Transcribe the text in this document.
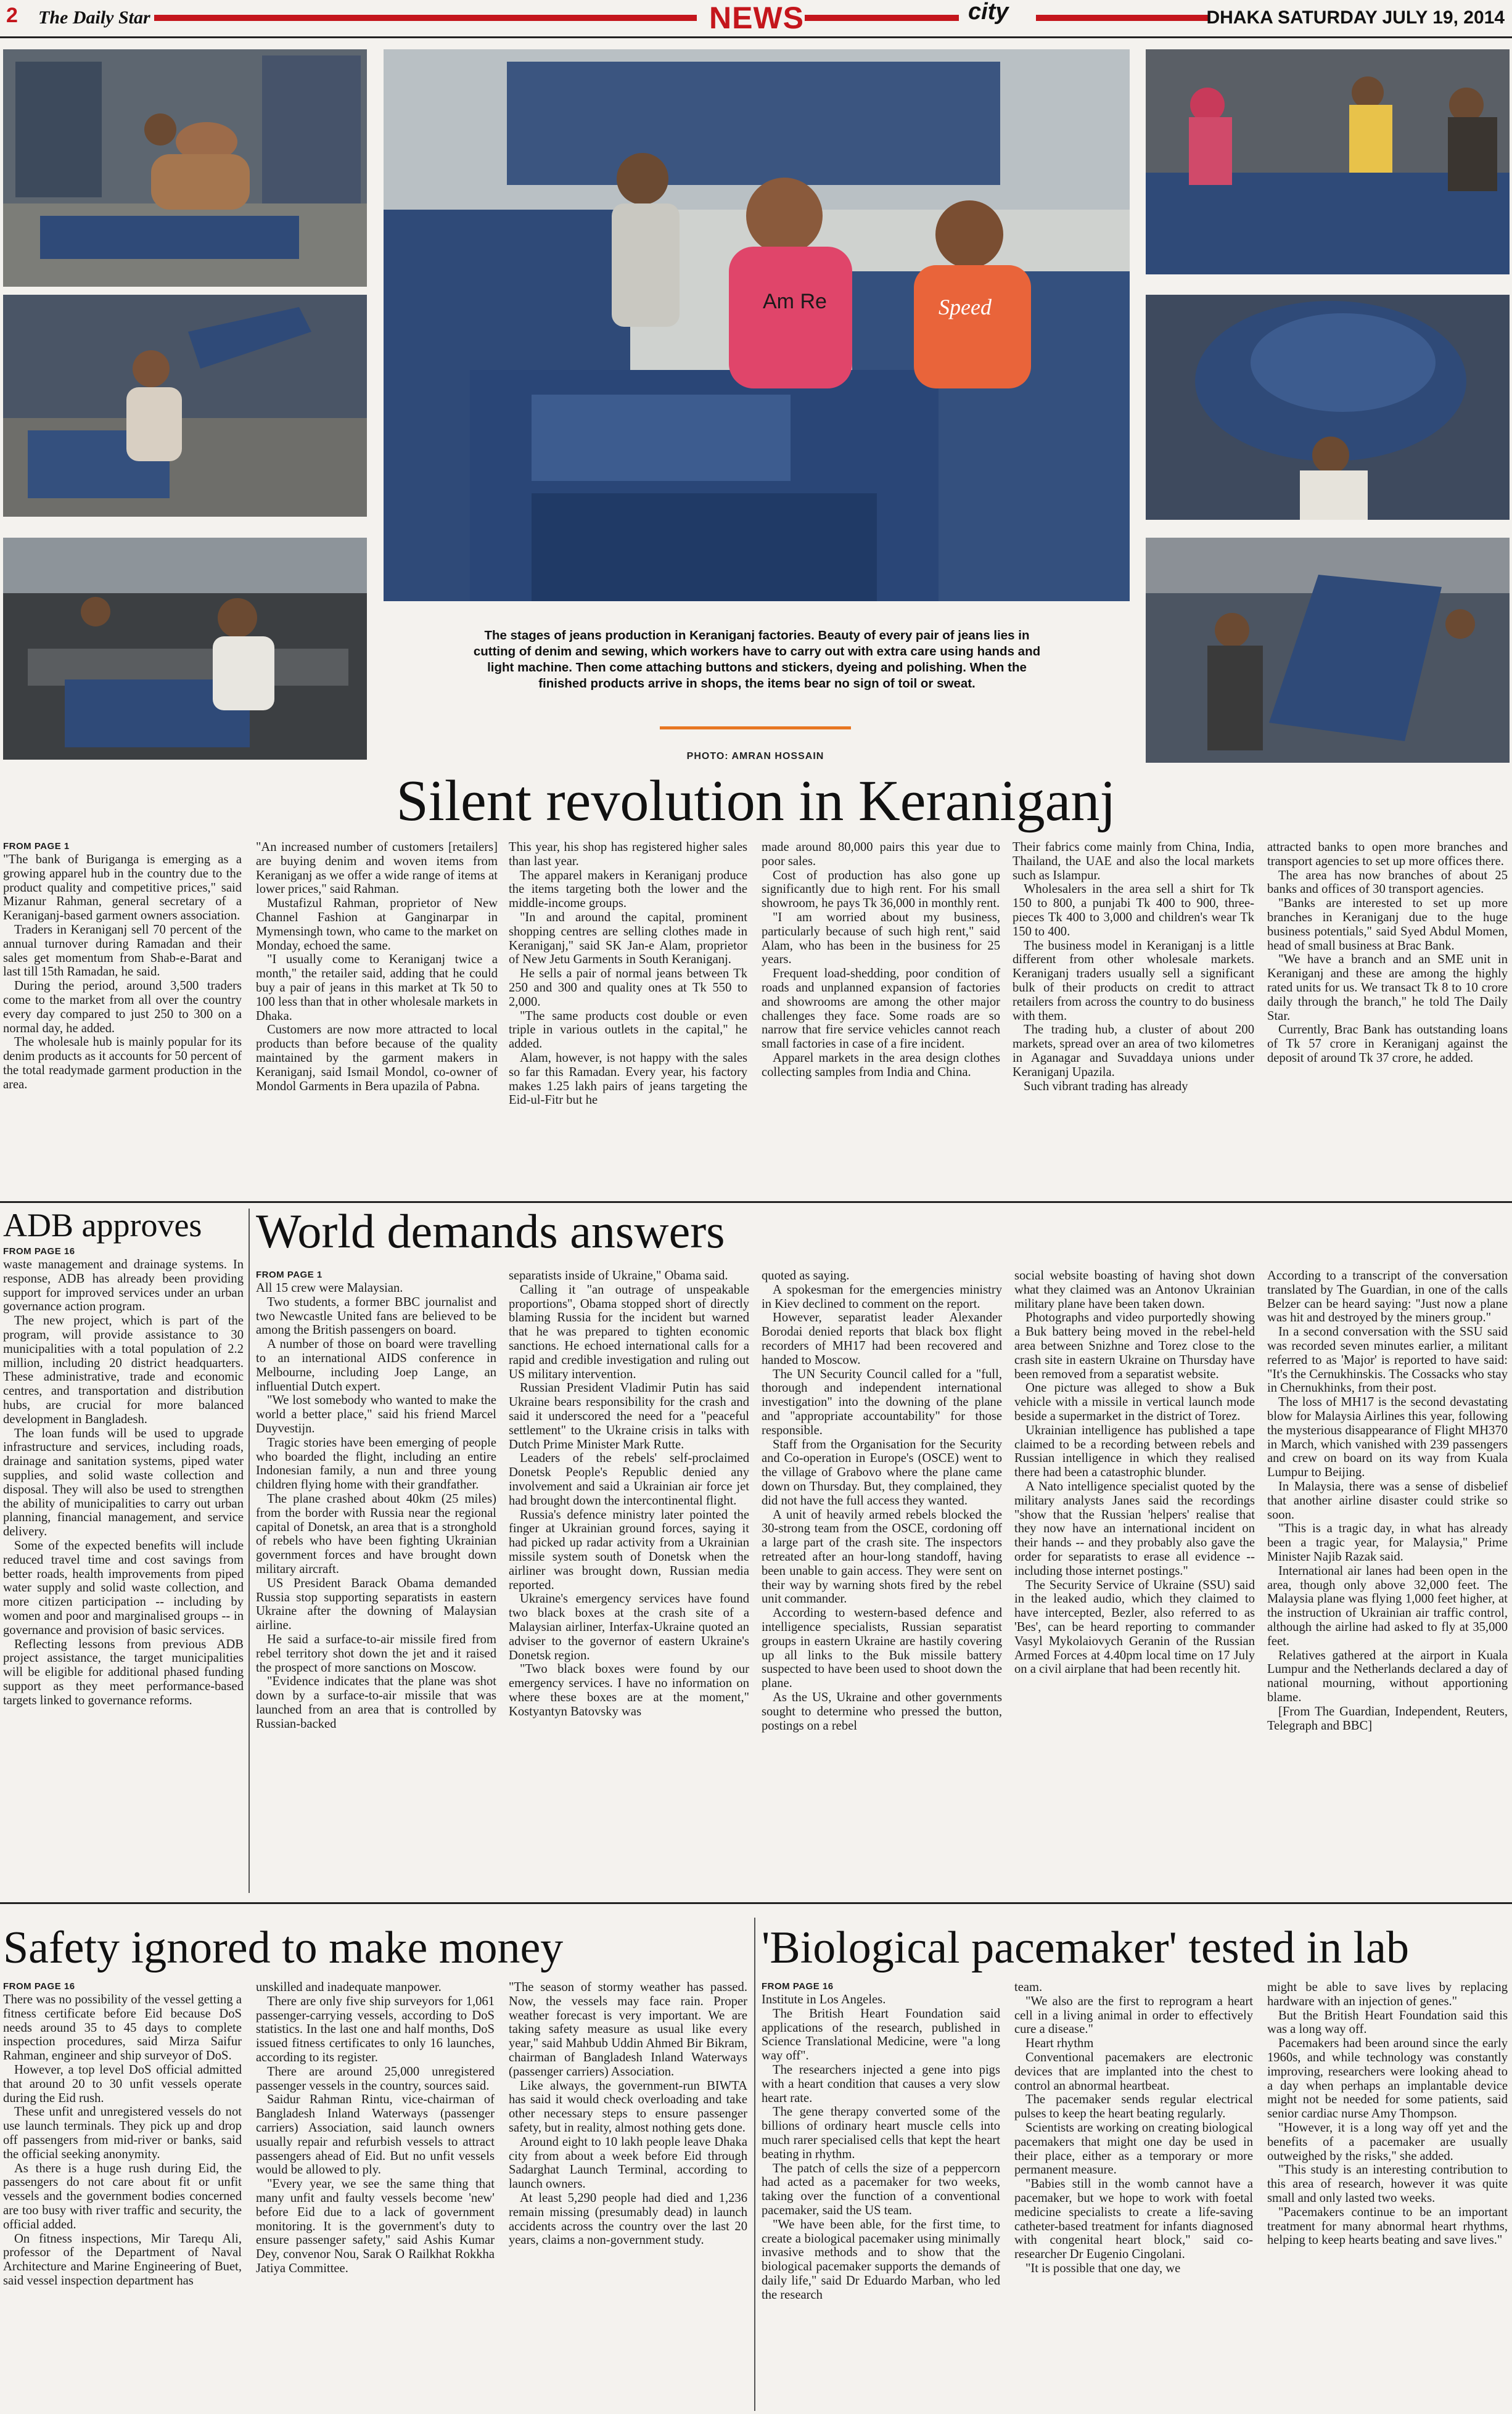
2 The Daily Star	NEWS	city	DHAKA SATURDAY JULY 19, 2014
Am Re	Speed
The stages of jeans production in Keraniganj factories. Beauty of every pair of jeans lies in cutting of denim and sewing, which workers have to carry out with extra care using hands and light machine. Then come attaching buttons and stickers, dyeing and polishing. When the finished products arrive in shops, the items bear no sign of toil or sweat.
PHOTO: AMRAN HOSSAIN
Silent revolution in Keraniganj
FROM PAGE 1

"The bank of Buriganga is emerging as a growing apparel hub in the country due to the product quality and competitive prices," said Mizanur Rahman, general secretary of a Keraniganj-based garment owners association.

Traders in Keraniganj sell 70 percent of the annual turnover during Ramadan and their sales get momentum from Shab-e-Barat and last till 15th Ramadan, he said.

During the period, around 3,500 traders come to the market from all over the country every day compared to just 250 to 300 on a normal day, he added.

The wholesale hub is mainly popular for its denim products as it accounts for 50 percent of the total readymade garment production in the area.

"An increased number of customers [retailers] are buying denim and woven items from Keraniganj as we offer a wide range of items at lower prices," said Rahman.

Mustafizul Rahman, proprietor of New Channel Fashion at Ganginarpar in Mymensingh town, who came to the market on Monday, echoed the same.

"I usually come to Keraniganj twice a month," the retailer said, adding that he could buy a pair of jeans in this market at Tk 50 to 100 less than that in other wholesale markets in Dhaka.

Customers are now more attracted to local products than before because of the quality maintained by the garment makers in Keraniganj, said Ismail Mondol, co-owner of Mondol Garments in Bera upazila of Pabna.

This year, his shop has registered higher sales than last year.

The apparel makers in Keraniganj produce the items targeting both the lower and the middle-income groups.

"In and around the capital, prominent shopping centres are selling clothes made in Keraniganj," said SK Jan-e Alam, proprietor of New Jetu Garments in South Keraniganj.

He sells a pair of normal jeans between Tk 250 and 300 and quality ones at Tk 550 to 2,000.

"The same products cost double or even triple in various outlets in the capital," he added.

Alam, however, is not happy with the sales so far this Ramadan. Every year, his factory makes 1.25 lakh pairs of jeans targeting the Eid-ul-Fitr but he

made around 80,000 pairs this year due to poor sales.

Cost of production has also gone up significantly due to high rent. For his small showroom, he pays Tk 36,000 in monthly rent.

"I am worried about my business, particularly because of such high rent," said Alam, who has been in the business for 25 years.

Frequent load-shedding, poor condition of roads and unplanned expansion of factories and showrooms are among the other major challenges they face. Some roads are so narrow that fire service vehicles cannot reach small factories in case of a fire incident.

Apparel markets in the area design clothes collecting samples from India and China.

Their fabrics come mainly from China, India, Thailand, the UAE and also the local markets such as Islampur.

Wholesalers in the area sell a shirt for Tk 150 to 800, a punjabi Tk 400 to 900, three-pieces Tk 400 to 3,000 and children's wear Tk 150 to 400.

The business model in Keraniganj is a little different from other wholesale markets. Keraniganj traders usually sell a significant bulk of their products on credit to attract retailers from across the country to do business with them.

The trading hub, a cluster of about 200 markets, spread over an area of two kilometres in Aganagar and Suvaddaya unions under Keraniganj Upazila.

Such vibrant trading has already

attracted banks to open more branches and transport agencies to set up more offices there.

The area has now branches of about 25 banks and offices of 30 transport agencies.

"Banks are interested to set up more branches in Keraniganj due to the huge business potentials," said Syed Abdul Momen, head of small business at Brac Bank.

"We have a branch and an SME unit in Keraniganj and these are among the highly rated units for us. We transact Tk 8 to 10 crore daily through the branch," he told The Daily Star.

Currently, Brac Bank has outstanding loans of Tk 57 crore in Keraniganj against the deposit of around Tk 37 crore, he added.

ADB approves
FROM PAGE 16

waste management and drainage systems. In response, ADB has already been providing support for improved services under an urban governance action program.

The new project, which is part of the program, will provide assistance to 30 municipalities with a total population of 2.2 million, including 20 district headquarters. These administrative, trade and economic centres, and transportation and distribution hubs, are crucial for more balanced development in Bangladesh.

The loan funds will be used to upgrade infrastructure and services, including roads, drainage and sanitation systems, piped water supplies, and solid waste collection and disposal. They will also be used to strengthen the ability of municipalities to carry out urban planning, financial management, and service delivery.

Some of the expected benefits will include reduced travel time and cost savings from better roads, health improvements from piped water supply and solid waste collection, and more citizen participation -- including by women and poor and marginalised groups -- in governance and provision of basic services.

Reflecting lessons from previous ADB project assistance, the target municipalities will be eligible for additional phased funding support as they meet performance-based targets linked to governance reforms.

World demands answers
FROM PAGE 1

All 15 crew were Malaysian.

Two students, a former BBC journalist and two Newcastle United fans are believed to be among the British passengers on board.

A number of those on board were travelling to an international AIDS conference in Melbourne, including Joep Lange, an influential Dutch expert.

"We lost somebody who wanted to make the world a better place," said his friend Marcel Duyvestijn.

Tragic stories have been emerging of people who boarded the flight, including an entire Indonesian family, a nun and three young children flying home with their grandfather.

The plane crashed about 40km (25 miles) from the border with Russia near the regional capital of Donetsk, an area that is a stronghold of rebels who have been fighting Ukrainian government forces and have brought down military aircraft.

US President Barack Obama demanded Russia stop supporting separatists in eastern Ukraine after the downing of Malaysian airline.

He said a surface-to-air missile fired from rebel territory shot down the jet and it raised the prospect of more sanctions on Moscow.

"Evidence indicates that the plane was shot down by a surface-to-air missile that was launched from an area that is controlled by Russian-backed

separatists inside of Ukraine," Obama said.

Calling it "an outrage of unspeakable proportions", Obama stopped short of directly blaming Russia for the incident but warned that he was prepared to tighten economic sanctions. He echoed international calls for a rapid and credible investigation and ruling out US military intervention.

Russian President Vladimir Putin has said Ukraine bears responsibility for the crash and said it underscored the need for a "peaceful settlement" to the Ukraine crisis in talks with Dutch Prime Minister Mark Rutte.

Leaders of the rebels' self-proclaimed Donetsk People's Republic denied any involvement and said a Ukrainian air force jet had brought down the intercontinental flight.

Russia's defence ministry later pointed the finger at Ukrainian ground forces, saying it had picked up radar activity from a Ukrainian missile system south of Donetsk when the airliner was brought down, Russian media reported.

Ukraine's emergency services have found two black boxes at the crash site of a Malaysian airliner, Interfax-Ukraine quoted an adviser to the governor of eastern Ukraine's Donetsk region.

"Two black boxes were found by our emergency services. I have no information on where these boxes are at the moment," Kostyantyn Batovsky was

quoted as saying.

A spokesman for the emergencies ministry in Kiev declined to comment on the report.

However, separatist leader Alexander Borodai denied reports that black box flight recorders of MH17 had been recovered and handed to Moscow.

The UN Security Council called for a "full, thorough and independent international investigation" into the downing of the plane and "appropriate accountability" for those responsible.

Staff from the Organisation for the Security and Co-operation in Europe's (OSCE) went to the village of Grabovo where the plane came down on Thursday. But, they complained, they did not have the full access they wanted.

A unit of heavily armed rebels blocked the 30-strong team from the OSCE, cordoning off a large part of the crash site. The inspectors retreated after an hour-long standoff, having been unable to gain access. They were sent on their way by warning shots fired by the rebel unit commander.

According to western-based defence and intelligence specialists, Russian separatist groups in eastern Ukraine are hastily covering up all links to the Buk missile battery suspected to have been used to shoot down the plane.

As the US, Ukraine and other governments sought to determine who pressed the button, postings on a rebel

social website boasting of having shot down what they claimed was an Antonov Ukrainian military plane have been taken down.

Photographs and video purportedly showing a Buk battery being moved in the rebel-held area between Snizhne and Torez close to the crash site in eastern Ukraine on Thursday have been removed from a separatist website.

One picture was alleged to show a Buk vehicle with a missile in vertical launch mode beside a supermarket in the district of Torez.

Ukrainian intelligence has published a tape claimed to be a recording between rebels and Russian intelligence in which they realised there had been a catastrophic blunder.

A Nato intelligence specialist quoted by the military analysts Janes said the recordings "show that the Russian 'helpers' realise that they now have an international incident on their hands -- and they probably also gave the order for separatists to erase all evidence -- including those internet postings."

The Security Service of Ukraine (SSU) said in the leaked audio, which they claimed to have intercepted, Bezler, also referred to as 'Bes', can be heard reporting to commander Vasyl Mykolaiovych Geranin of the Russian Armed Forces at 4.40pm local time on 17 July on a civil airplane that had been recently hit.

According to a transcript of the conversation translated by The Guardian, in one of the calls Belzer can be heard saying: "Just now a plane was hit and destroyed by the miners group."

In a second conversation with the SSU said was recorded seven minutes earlier, a militant referred to as 'Major' is reported to have said: "It's the Cernukhinskis. The Cossacks who stay in Chernukhinks, from their post.

The loss of MH17 is the second devastating blow for Malaysia Airlines this year, following the mysterious disappearance of Flight MH370 in March, which vanished with 239 passengers and crew on board on its way from Kuala Lumpur to Beijing.

In Malaysia, there was a sense of disbelief that another airline disaster could strike so soon.

"This is a tragic day, in what has already been a tragic year, for Malaysia," Prime Minister Najib Razak said.

International air lanes had been open in the area, though only above 32,000 feet. The Malaysia plane was flying 1,000 feet higher, at the instruction of Ukrainian air traffic control, although the airline had asked to fly at 35,000 feet.

Relatives gathered at the airport in Kuala Lumpur and the Netherlands declared a day of national mourning, without apportioning blame.

[From The Guardian, Independent, Reuters, Telegraph and BBC]

Safety ignored to make money
FROM PAGE 16

There was no possibility of the vessel getting a fitness certificate before Eid because DoS needs around 35 to 45 days to complete inspection procedures, said Mirza Saifur Rahman, engineer and ship surveyor of DoS.

However, a top level DoS official admitted that around 20 to 30 unfit vessels operate during the Eid rush.

These unfit and unregistered vessels do not use launch terminals. They pick up and drop off passengers from mid-river or banks, said the official seeking anonymity.

As there is a huge rush during Eid, the passengers do not care about fit or unfit vessels and the government bodies concerned are too busy with river traffic and security, the official added.

On fitness inspections, Mir Tarequ Ali, professor of the Department of Naval Architecture and Marine Engineering of Buet, said vessel inspection department has

unskilled and inadequate manpower.

There are only five ship surveyors for 1,061 passenger-carrying vessels, according to DoS statistics. In the last one and half months, DoS issued fitness certificates to only 16 launches, according to its register.

There are around 25,000 unregistered passenger vessels in the country, sources said.

Saidur Rahman Rintu, vice-chairman of Bangladesh Inland Waterways (passenger carriers) Association, said launch owners usually repair and refurbish vessels to attract passengers ahead of Eid. But no unfit vessels would be allowed to ply.

"Every year, we see the same thing that many unfit and faulty vessels become 'new' before Eid due to a lack of government monitoring. It is the government's duty to ensure passenger safety," said Ashis Kumar Dey, convenor Nou, Sarak O Railkhat Rokkha Jatiya Committee.

"The season of stormy weather has passed. Now, the vessels may face rain. Proper weather forecast is very important. We are taking safety measure as usual like every year," said Mahbub Uddin Ahmed Bir Bikram, chairman of Bangladesh Inland Waterways (passenger carriers) Association.

Like always, the government-run BIWTA has said it would check overloading and take other necessary steps to ensure passenger safety, but in reality, almost nothing gets done.

Around eight to 10 lakh people leave Dhaka city from about a week before Eid through Sadarghat Launch Terminal, according to launch owners.

At least 5,290 people had died and 1,236 remain missing (presumably dead) in launch accidents across the country over the last 20 years, claims a non-government study.

'Biological pacemaker' tested in lab
FROM PAGE 16

Institute in Los Angeles.

The British Heart Foundation said applications of the research, published in Science Translational Medicine, were "a long way off".

The researchers injected a gene into pigs with a heart condition that causes a very slow heart rate.

The gene therapy converted some of the billions of ordinary heart muscle cells into much rarer specialised cells that kept the heart beating in rhythm.

The patch of cells the size of a peppercorn had acted as a pacemaker for two weeks, taking over the function of a conventional pacemaker, said the US team.

"We have been able, for the first time, to create a biological pacemaker using minimally invasive methods and to show that the biological pacemaker supports the demands of daily life," said Dr Eduardo Marban, who led the research

team.

"We also are the first to reprogram a heart cell in a living animal in order to effectively cure a disease."

Heart rhythm

Conventional pacemakers are electronic devices that are implanted into the chest to control an abnormal heartbeat.

The pacemaker sends regular electrical pulses to keep the heart beating regularly.

Scientists are working on creating biological pacemakers that might one day be used in their place, either as a temporary or more permanent measure.

"Babies still in the womb cannot have a pacemaker, but we hope to work with foetal medicine specialists to create a life-saving catheter-based treatment for infants diagnosed with congenital heart block," said co-researcher Dr Eugenio Cingolani.

"It is possible that one day, we

might be able to save lives by replacing hardware with an injection of genes."

But the British Heart Foundation said this was a long way off.

Pacemakers had been around since the early 1960s, and while technology was constantly improving, researchers were looking ahead to a day when perhaps an implantable device might not be needed for some patients, said senior cardiac nurse Amy Thompson.

"However, it is a long way off yet and the benefits of a pacemaker are usually outweighed by the risks," she added.

"This study is an interesting contribution to this area of research, however it was quite small and only lasted two weeks.

"Pacemakers continue to be an important treatment for many abnormal heart rhythms, helping to keep hearts beating and save lives."
